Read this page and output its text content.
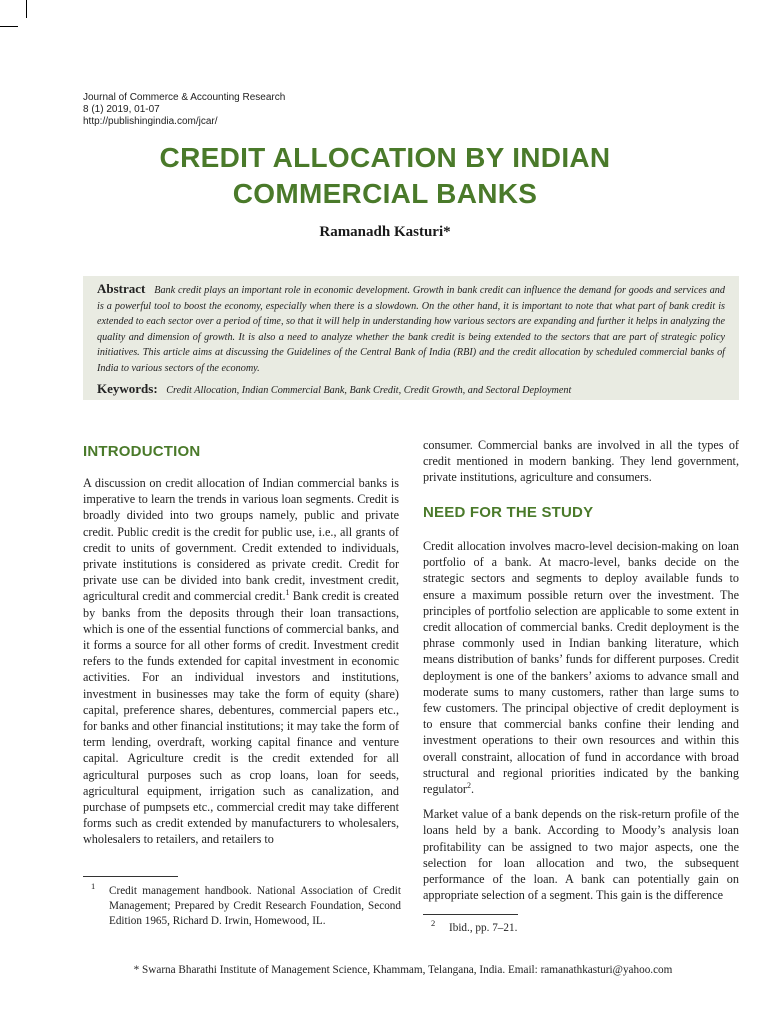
Journal of Commerce & Accounting Research
8 (1) 2019, 01-07
http://publishingindia.com/jcar/
CREDIT ALLOCATION BY INDIAN
COMMERCIAL BANKS
Ramanadh Kasturi*
Abstract Bank credit plays an important role in economic development. Growth in bank credit can influence the demand for goods and services and is a powerful tool to boost the economy, especially when there is a slowdown. On the other hand, it is important to note that what part of bank credit is extended to each sector over a period of time, so that it will help in understanding how various sectors are expanding and further it helps in analyzing the quality and dimension of growth. It is also a need to analyze whether the bank credit is being extended to the sectors that are part of strategic policy initiatives. This article aims at discussing the Guidelines of the Central Bank of India (RBI) and the credit allocation by scheduled commercial banks of India to various sectors of the economy.
Keywords: Credit Allocation, Indian Commercial Bank, Bank Credit, Credit Growth, and Sectoral Deployment
INTRODUCTION

A discussion on credit allocation of Indian commercial banks is imperative to learn the trends in various loan segments. Credit is broadly divided into two groups namely, public and private credit. Public credit is the credit for public use, i.e., all grants of credit to units of government. Credit extended to individuals, private institutions is considered as private credit. Credit for private use can be divided into bank credit, investment credit, agricultural credit and commercial credit.$^1$ Bank credit is created by banks from the deposits through their loan transactions, which is one of the essential functions of commercial banks, and it forms a source for all other forms of credit. Investment credit refers to the funds extended for capital investment in economic activities. For an individual investors and institutions, investment in businesses may take the form of equity (share) capital, preference shares, debentures, commercial papers etc., for banks and other financial institutions; it may take the form of term lending, overdraft, working capital finance and venture capital. Agriculture credit is the credit extended for all agricultural purposes such as crop loans, loan for seeds, agricultural equipment, irrigation such as canalization, and purchase of pumpsets etc., commercial credit may take different forms such as credit extended by manufacturers to wholesalers, wholesalers to retailers, and retailers to

1 Credit management handbook. National Association of Credit Management; Prepared by Credit Research Foundation, Second Edition 1965, Richard D. Irwin, Homewood, IL.

consumer. Commercial banks are involved in all the types of credit mentioned in modern banking. They lend government, private institutions, agriculture and consumers.

NEED FOR THE STUDY

Credit allocation involves macro-level decision-making on loan portfolio of a bank. At macro-level, banks decide on the strategic sectors and segments to deploy available funds to ensure a maximum possible return over the investment. The principles of portfolio selection are applicable to some extent in credit allocation of commercial banks. Credit deployment is the phrase commonly used in Indian banking literature, which means distribution of banks’ funds for different purposes. Credit deployment is one of the bankers’ axioms to advance small and moderate sums to many customers, rather than large sums to few customers. The principal objective of credit deployment is to ensure that commercial banks confine their lending and investment operations to their own resources and within this overall constraint, allocation of fund in accordance with broad structural and regional priorities indicated by the banking regulator$^2$.

Market value of a bank depends on the risk-return profile of the loans held by a bank. According to Moody’s analysis loan profitability can be assigned to two major aspects, one the selection for loan allocation and two, the subsequent performance of the loan. A bank can potentially gain on appropriate selection of a segment. This gain is the difference

2 Ibid., pp. 7–21.
* Swarna Bharathi Institute of Management Science, Khammam, Telangana, India. Email: ramanathkasturi@yahoo.com
